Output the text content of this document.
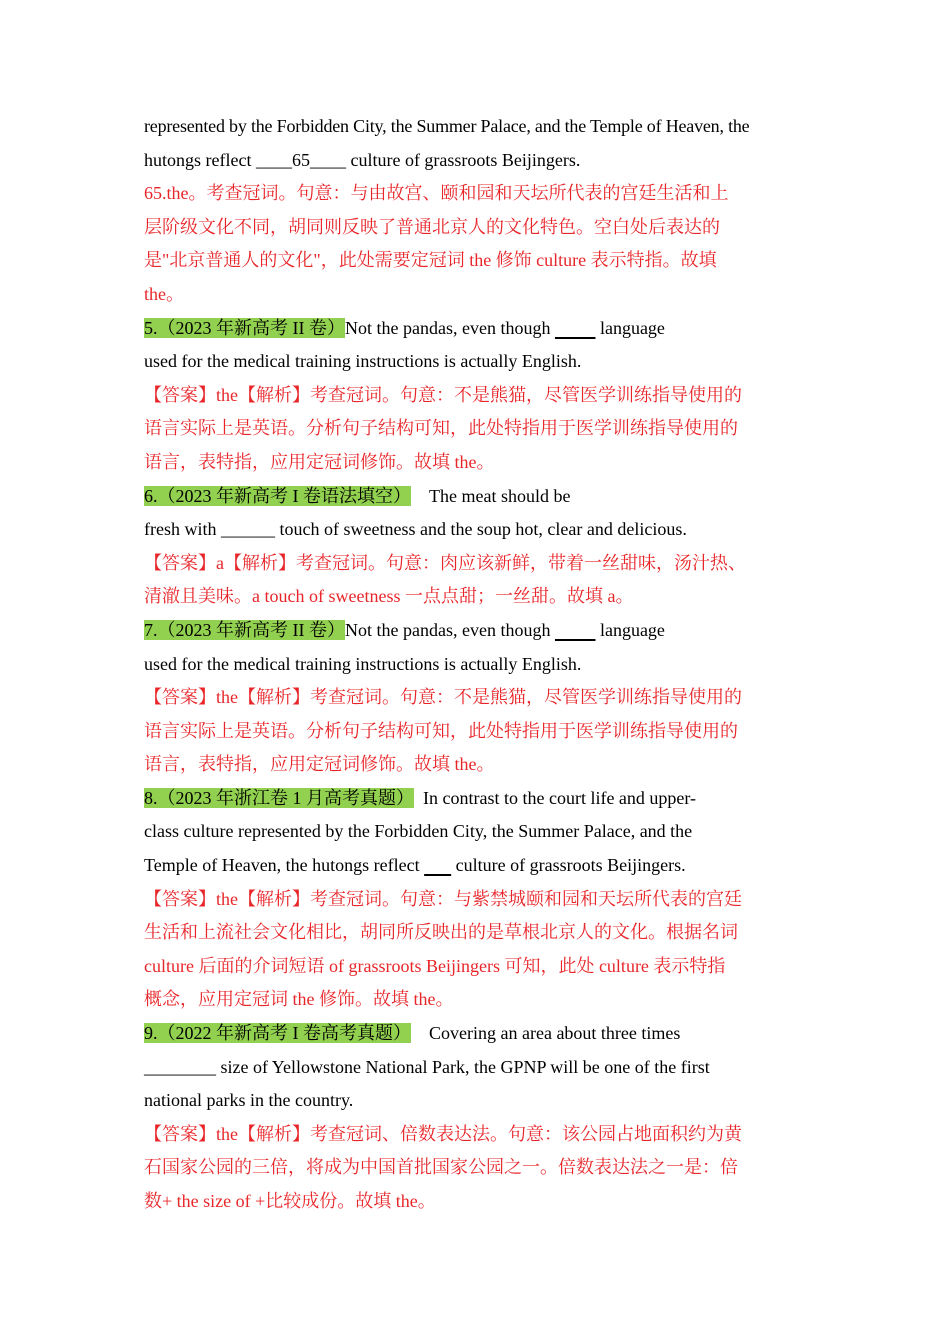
represented by the Forbidden City, the Summer Palace, and the Temple of Heaven, the
hutongs reflect ____65____ culture of grassroots Beijingers.
65.the。考查冠词。句意：与由故宫、颐和园和天坛所代表的宫廷生活和上
层阶级文化不同，胡同则反映了普通北京人的文化特色。空白处后表达的
是"北京普通人的文化"，此处需要定冠词 the 修饰 culture 表示特指。故填
the。
5.（2023 年新高考 II 卷）Not the pandas, even though           language
used for the medical training instructions is actually English.
【答案】the【解析】考查冠词。句意：不是熊猫，尽管医学训练指导使用的
语言实际上是英语。分析句子结构可知，此处特指用于医学训练指导使用的
语言，表特指，应用定冠词修饰。故填 the。
6.（2023 年新高考 I 卷语法填空）    The meat should be
fresh with ______ touch of sweetness and the soup hot, clear and delicious.
【答案】a【解析】考查冠词。句意：肉应该新鲜，带着一丝甜味，汤汁热、
清澈且美味。a touch of sweetness 一点点甜；一丝甜。故填 a。
7.（2023 年新高考 II 卷）Not the pandas, even though           language
used for the medical training instructions is actually English.
【答案】the【解析】考查冠词。句意：不是熊猫，尽管医学训练指导使用的
语言实际上是英语。分析句子结构可知，此处特指用于医学训练指导使用的
语言，表特指，应用定冠词修饰。故填 the。
8.（2023 年浙江卷 1 月高考真题）  In contrast to the court life and upper-
class culture represented by the Forbidden City, the Summer Palace, and the
Temple of Heaven, the hutongs reflect        culture of grassroots Beijingers.
【答案】the【解析】考查冠词。句意：与紫禁城颐和园和天坛所代表的宫廷
生活和上流社会文化相比，胡同所反映出的是草根北京人的文化。根据名词
culture 后面的介词短语 of grassroots Beijingers 可知，此处 culture 表示特指
概念，应用定冠词 the 修饰。故填 the。
9.（2022 年新高考 I 卷高考真题）    Covering an area about three times
________ size of Yellowstone National Park, the GPNP will be one of the first
national parks in the country.
【答案】the【解析】考查冠词、倍数表达法。句意：该公园占地面积约为黄
石国家公园的三倍，将成为中国首批国家公园之一。倍数表达法之一是：倍
数+ the size of +比较成份。故填 the。
